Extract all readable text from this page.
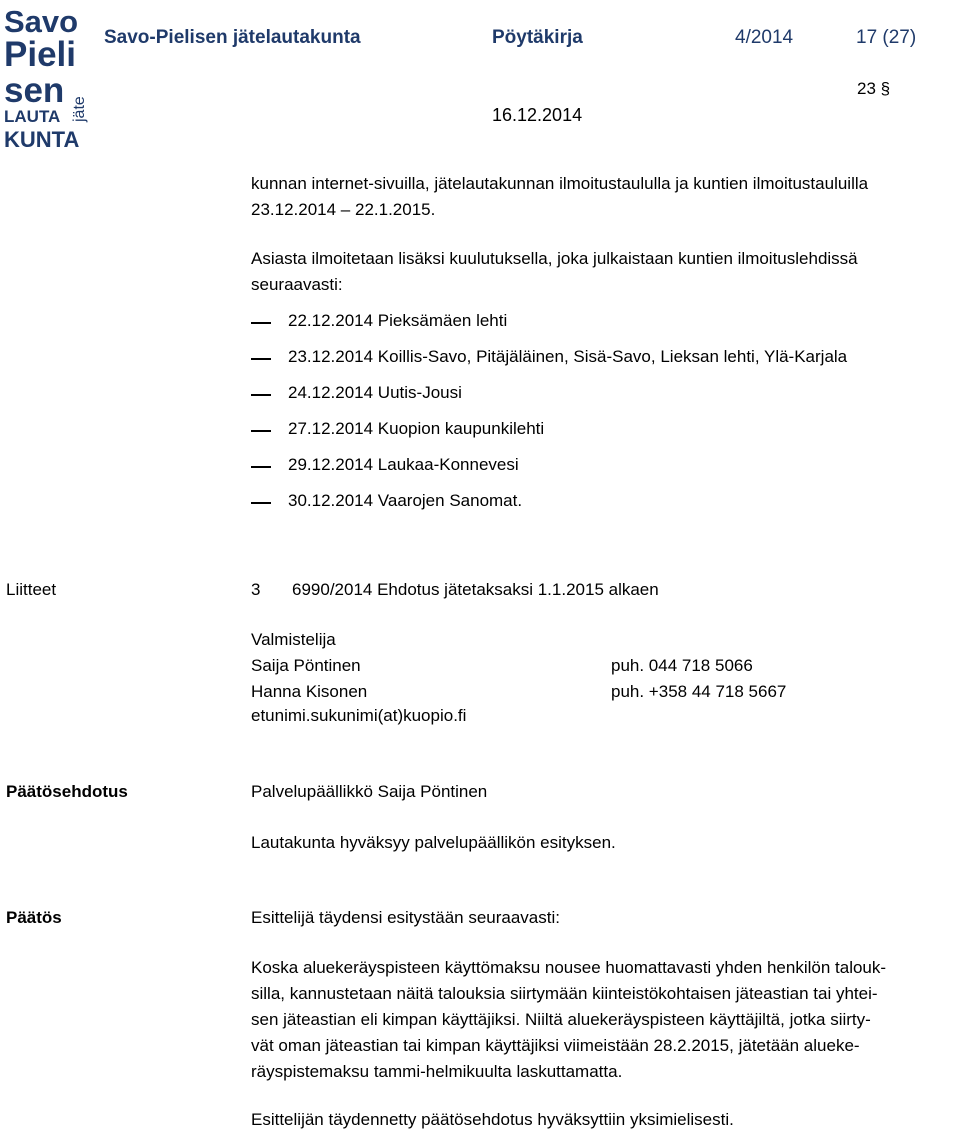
Savo
Pieli
sen
LAUTA
KUNTA
jäte
Savo-Pielisen jätelautakunta	Pöytäkirja	4/2014	17 (27)
23 §
16.12.2014
kunnan internet-sivuilla, jätelautakunnan ilmoitustaululla ja kuntien ilmoitustauluilla
23.12.2014 – 22.1.2015.
Asiasta ilmoitetaan lisäksi kuulutuksella, joka julkaistaan kuntien ilmoituslehdissä
seuraavasti:
22.12.2014 Pieksämäen lehti
23.12.2014 Koillis-Savo, Pitäjäläinen, Sisä-Savo, Lieksan lehti, Ylä-Karjala
24.12.2014 Uutis-Jousi
27.12.2014 Kuopion kaupunkilehti
29.12.2014 Laukaa-Konnevesi
30.12.2014 Vaarojen Sanomat.
Liitteet	3 6990/2014 Ehdotus jätetaksaksi 1.1.2015 alkaen
Valmistelija
Saija Pöntinen	puh. 044 718 5066
Hanna Kisonen	puh. +358 44 718 5667
etunimi.sukunimi(at)kuopio.fi
Päätösehdotus	Palvelupäällikkö Saija Pöntinen
Lautakunta hyväksyy palvelupäällikön esityksen.
Päätös	Esittelijä täydensi esitystään seuraavasti:
Koska aluekeräyspisteen käyttömaksu nousee huomattavasti yhden henkilön talouk-
silla, kannustetaan näitä talouksia siirtymään kiinteistökohtaisen jäteastian tai yhtei-
sen jäteastian eli kimpan käyttäjiksi. Niiltä aluekeräyspisteen käyttäjiltä, jotka siirty-
vät oman jäteastian tai kimpan käyttäjiksi viimeistään 28.2.2015, jätetään alueke-
räyspistemaksu tammi-helmikuulta laskuttamatta.
Esittelijän täydennetty päätösehdotus hyväksyttiin yksimielisesti.
